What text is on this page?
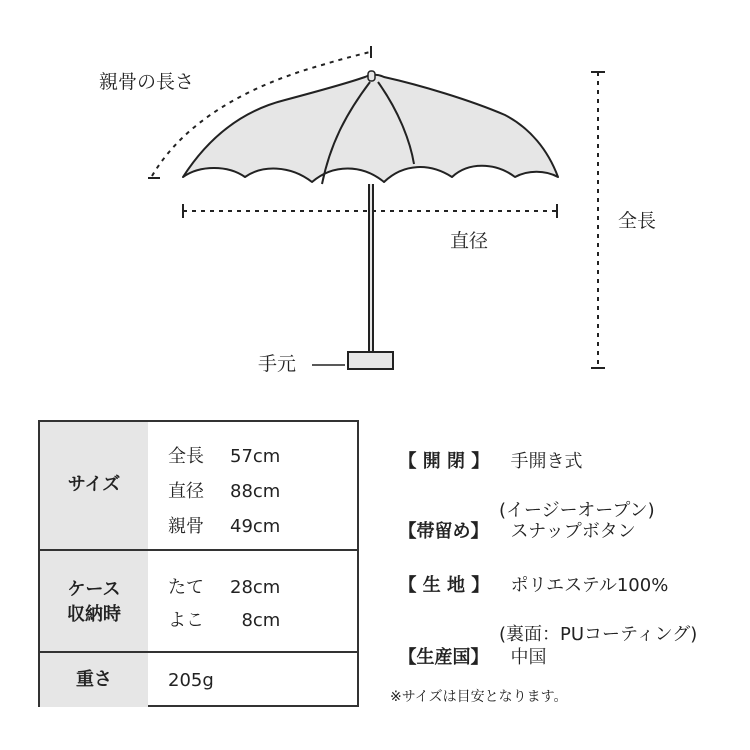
親骨の長さ
直径
全長
手元
サイズ
全長 57cm
直径 88cm
親骨 49cm
ケース
収納時
たて 28cm
よこ  8cm
重さ	205g

【 開 閉 】 手開き式

(イージーオープン)

【帯留め】 スナップボタン

【 生 地 】 ポリエステル100%

(裏面：PUコーティング)

【生産国】 中国

※サイズは目安となります。
